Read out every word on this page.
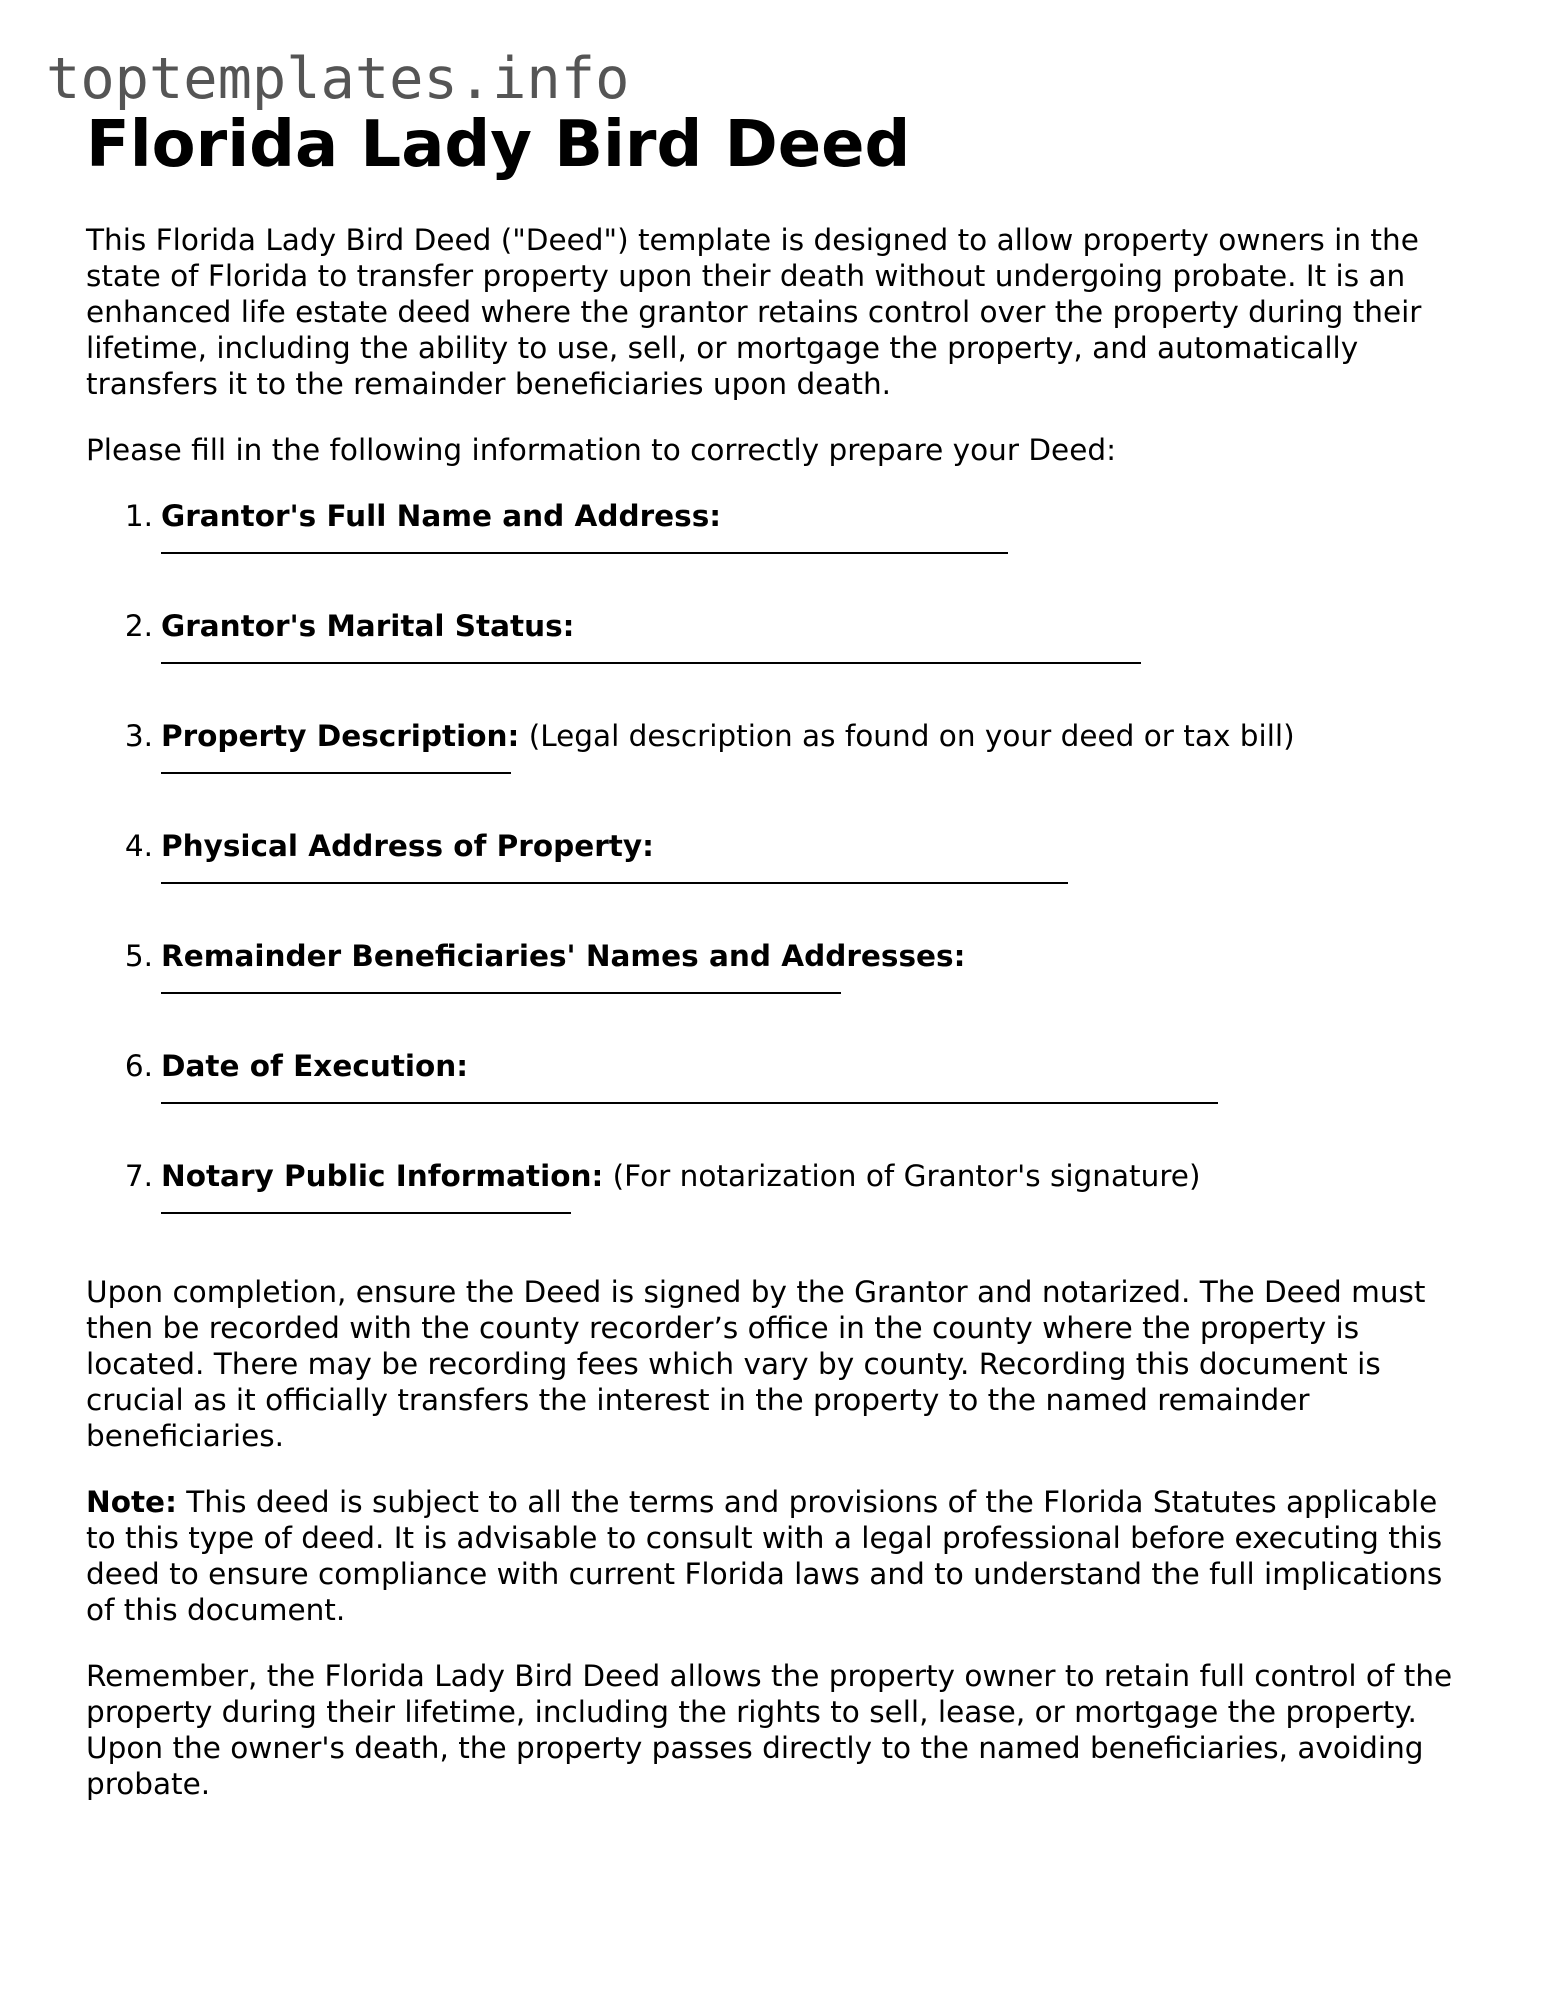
toptemplates.info
Florida Lady Bird Deed

This Florida Lady Bird Deed ("Deed") template is designed to allow property owners in the state of Florida to transfer property upon their death without undergoing probate. It is an enhanced life estate deed where the grantor retains control over the property during their lifetime, including the ability to use, sell, or mortgage the property, and automatically transfers it to the remainder beneficiaries upon death.

Please fill in the following information to correctly prepare your Deed:

1. Grantor's Full Name and Address:
2. Grantor's Marital Status:
3. Property Description: (Legal description as found on your deed or tax bill)
4. Physical Address of Property:
5. Remainder Beneficiaries' Names and Addresses:
6. Date of Execution:
7. Notary Public Information: (For notarization of Grantor's signature)

Upon completion, ensure the Deed is signed by the Grantor and notarized. The Deed must then be recorded with the county recorder’s office in the county where the property is located. There may be recording fees which vary by county. Recording this document is crucial as it officially transfers the interest in the property to the named remainder beneficiaries.

Note: This deed is subject to all the terms and provisions of the Florida Statutes applicable to this type of deed. It is advisable to consult with a legal professional before executing this deed to ensure compliance with current Florida laws and to understand the full implications of this document.

Remember, the Florida Lady Bird Deed allows the property owner to retain full control of the property during their lifetime, including the rights to sell, lease, or mortgage the property. Upon the owner's death, the property passes directly to the named beneficiaries, avoiding probate.
